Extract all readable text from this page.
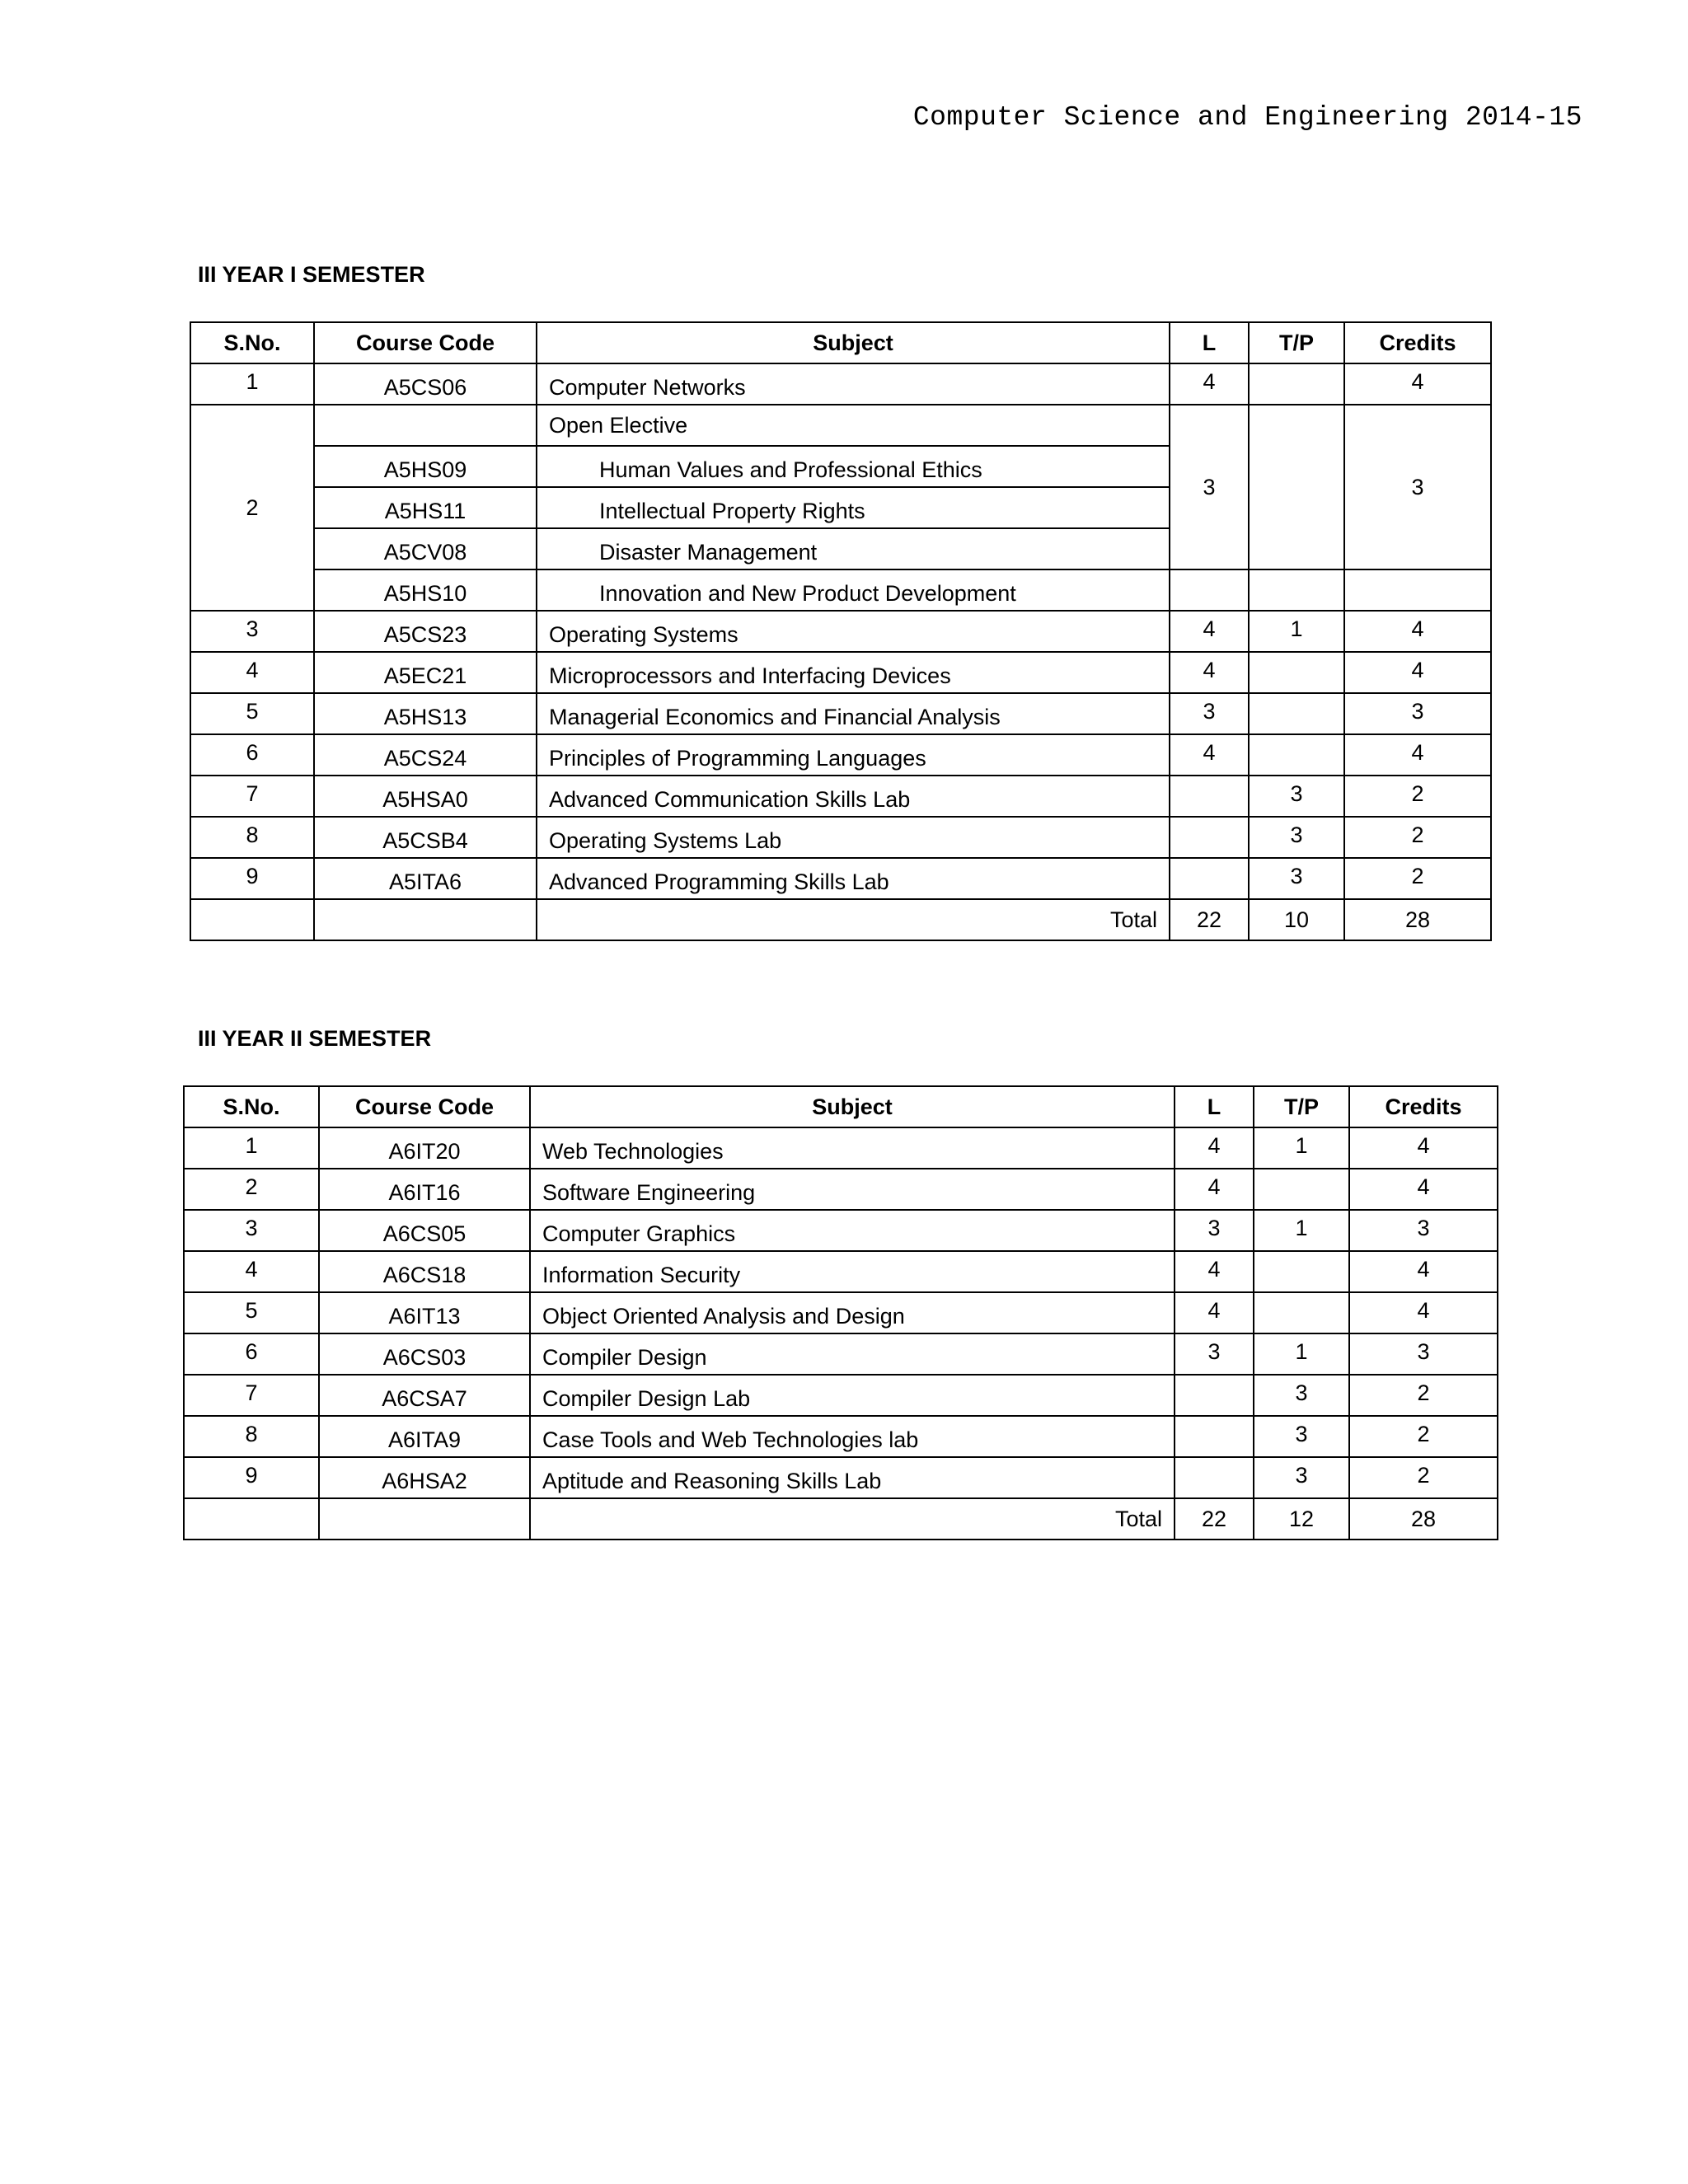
Computer Science and Engineering 2014-15
III YEAR I SEMESTER
S.No.	Course Code	Subject	L	T/P	Credits
1	A5CS06	Computer Networks	4		4
2		Open Elective	3		3
	A5HS09	Human Values and Professional Ethics			
	A5HS11	Intellectual Property Rights			
	A5CV08	Disaster Management			
	A5HS10	Innovation and New Product Development			
3	A5CS23	Operating Systems	4	1	4
4	A5EC21	Microprocessors and Interfacing Devices	4		4
5	A5HS13	Managerial Economics and Financial Analysis	3		3
6	A5CS24	Principles of Programming Languages	4		4
7	A5HSA0	Advanced Communication Skills Lab		3	2
8	A5CSB4	Operating Systems Lab		3	2
9	A5ITA6	Advanced Programming Skills Lab		3	2
		Total	22	10	28
III YEAR II SEMESTER
S.No.	Course Code	Subject	L	T/P	Credits
1	A6IT20	Web Technologies	4	1	4
2	A6IT16	Software Engineering	4		4
3	A6CS05	Computer Graphics	3	1	3
4	A6CS18	Information Security	4		4
5	A6IT13	Object Oriented Analysis and Design	4		4
6	A6CS03	Compiler Design	3	1	3
7	A6CSA7	Compiler Design Lab		3	2
8	A6ITA9	Case Tools and Web Technologies lab		3	2
9	A6HSA2	Aptitude and Reasoning Skills Lab		3	2
		Total	22	12	28
